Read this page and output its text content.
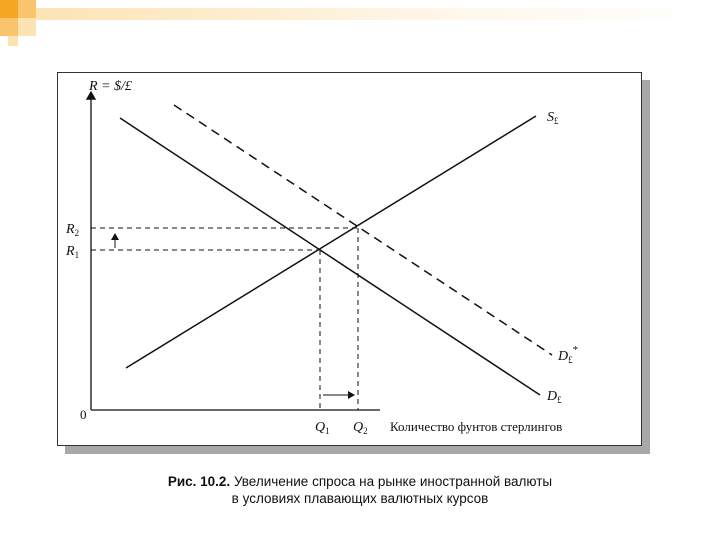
R = $/£
0
$R_2$
$R_1$
$Q_1$ $Q_2$ Количество фунтов стерлингов
$S_£$
$D_£^*$
$D_£$
Рис. 10.2. Увеличение спроса на рынке иностранной валюты
в условиях плавающих валютных курсов
